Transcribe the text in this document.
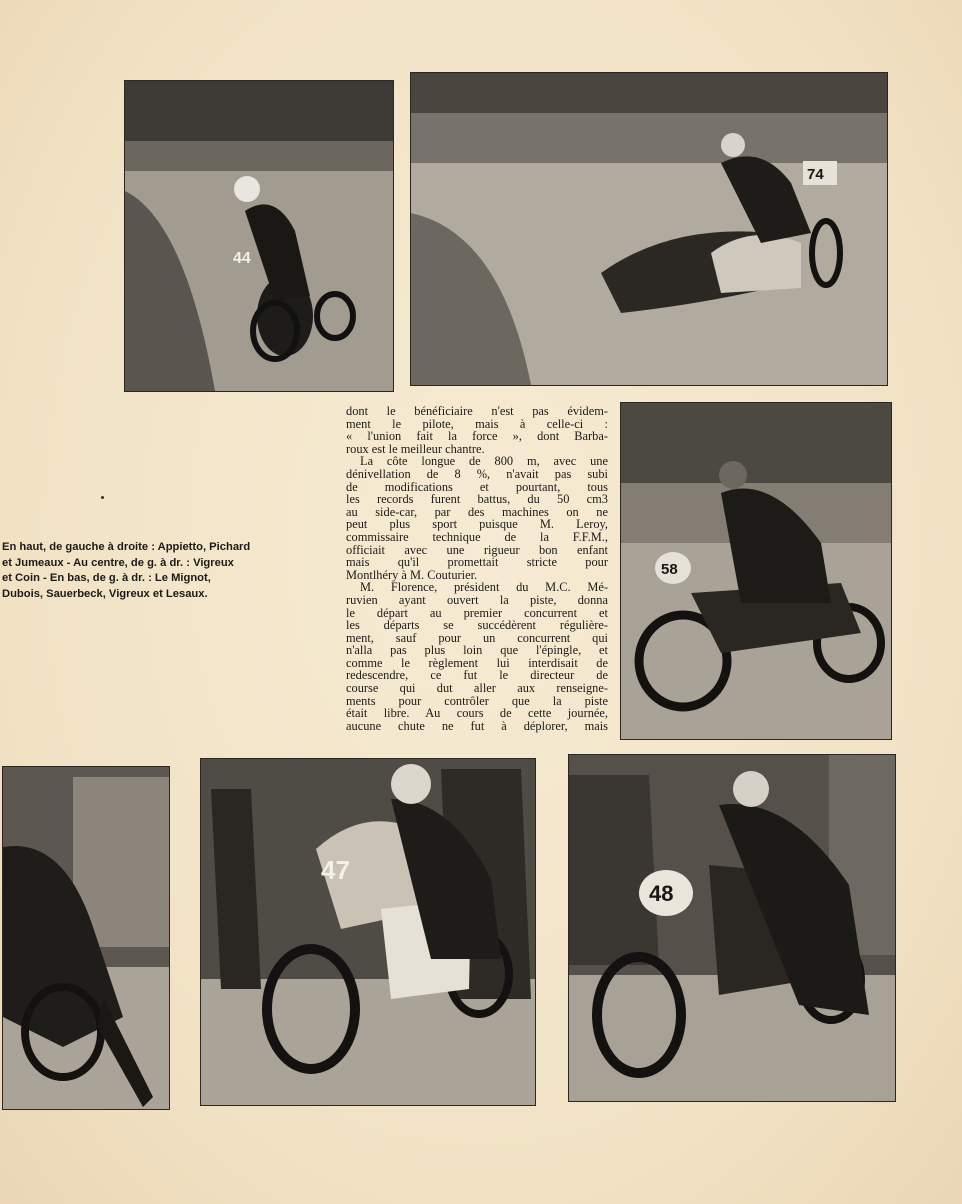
44
74
58
47
48
En haut, de gauche à droite : Appietto, Pichard
et Jumeaux - Au centre, de g. à dr. : Vigreux
et Coin - En bas, de g. à dr. : Le Mignot,
Dubois, Sauerbeck, Vigreux et Lesaux.
dont le bénéficiaire n'est pas évidem-
ment le pilote, mais à celle-ci :
« l'union fait la force », dont Barba-
roux est le meilleur chantre.
La côte longue de 800 m, avec une
dénivellation de 8 %, n'avait pas subi
de modifications et pourtant, tous
les records furent battus, du 50 cm3
au side-car, par des machines on ne
peut plus sport puisque M. Leroy,
commissaire technique de la F.F.M.,
officiait avec une rigueur bon enfant
mais qu'il promettait stricte pour
Montlhéry à M. Couturier.
M. Florence, président du M.C. Mé-
ruvien ayant ouvert la piste, donna
le départ au premier concurrent et
les départs se succédèrent régulière-
ment, sauf pour un concurrent qui
n'alla pas plus loin que l'épingle, et
comme le règlement lui interdisait de
redescendre, ce fut le directeur de
course qui dut aller aux renseigne-
ments pour contrôler que la piste
était libre. Au cours de cette journée,
aucune chute ne fut à déplorer, mais
